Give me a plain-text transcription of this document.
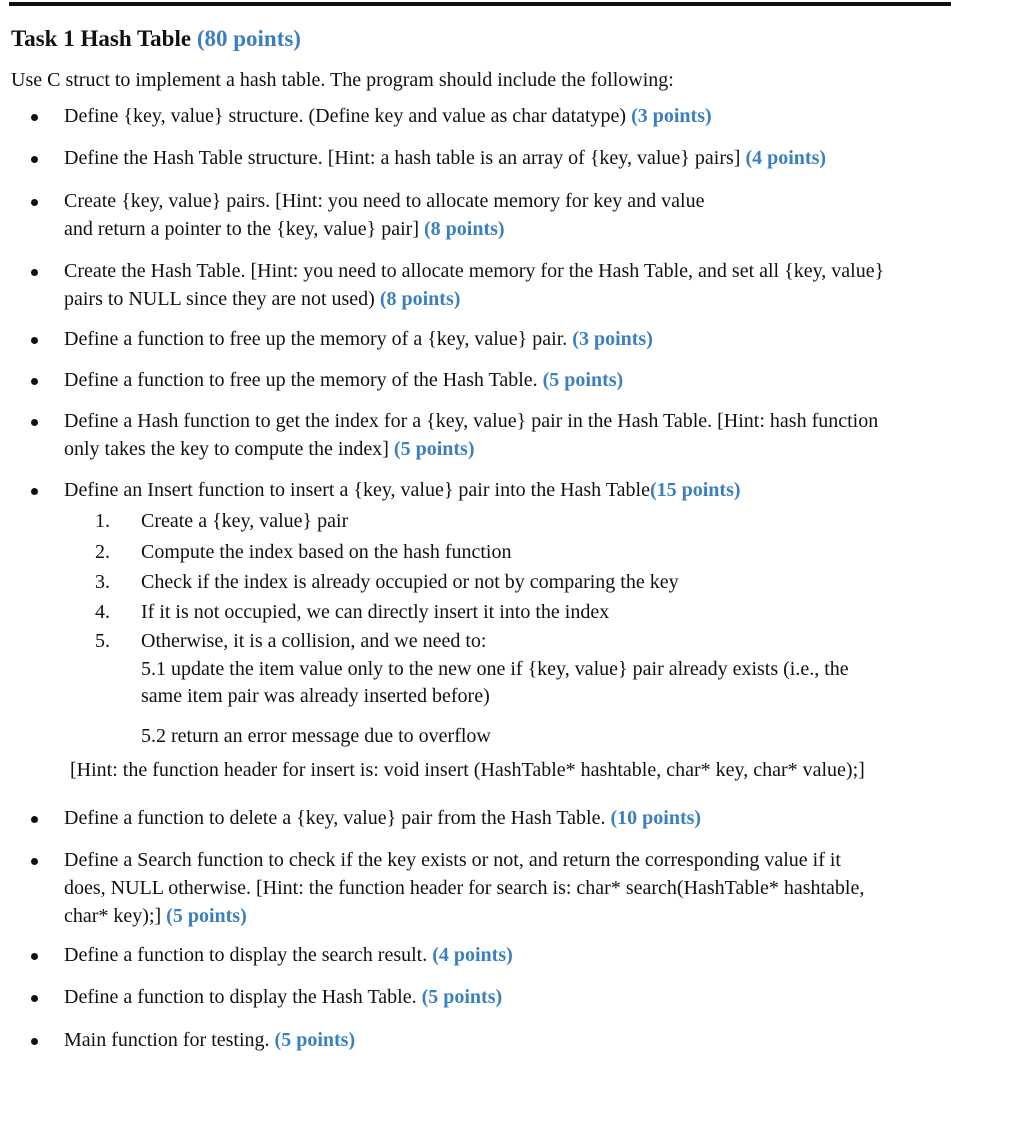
Task 1 Hash Table (80 points)
Use C struct to implement a hash table. The program should include the following:
Define {key, value} structure. (Define key and value as char datatype) (3 points)
Define the Hash Table structure. [Hint: a hash table is an array of {key, value} pairs] (4 points)
Create {key, value} pairs. [Hint: you need to allocate memory for key and value
and return a pointer to the {key, value} pair] (8 points)
Create the Hash Table. [Hint: you need to allocate memory for the Hash Table, and set all {key, value}
pairs to NULL since they are not used) (8 points)
Define a function to free up the memory of a {key, value} pair. (3 points)
Define a function to free up the memory of the Hash Table. (5 points)
Define a Hash function to get the index for a {key, value} pair in the Hash Table. [Hint: hash function
only takes the key to compute the index] (5 points)
Define an Insert function to insert a {key, value} pair into the Hash Table(15 points)
1. Create a {key, value} pair
2. Compute the index based on the hash function
3. Check if the index is already occupied or not by comparing the key
4. If it is not occupied, we can directly insert it into the index
5. Otherwise, it is a collision, and we need to:
5.1 update the item value only to the new one if {key, value} pair already exists (i.e., the
same item pair was already inserted before)
5.2 return an error message due to overflow
[Hint: the function header for insert is: void insert (HashTable* hashtable, char* key, char* value);]
Define a function to delete a {key, value} pair from the Hash Table. (10 points)
Define a Search function to check if the key exists or not, and return the corresponding value if it
does, NULL otherwise. [Hint: the function header for search is: char* search(HashTable* hashtable,
char* key);] (5 points)
Define a function to display the search result. (4 points)
Define a function to display the Hash Table. (5 points)
Main function for testing. (5 points)
